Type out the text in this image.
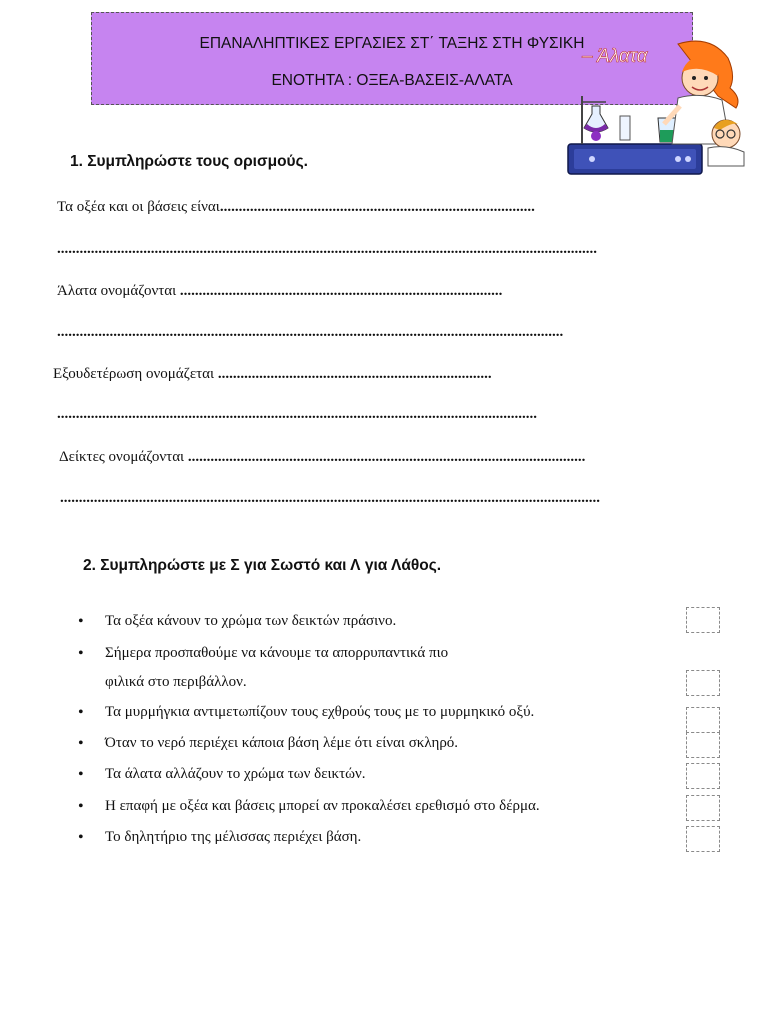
ΕΠΑΝΑΛΗΠΤΙΚΕΣ ΕΡΓΑΣΙΕΣ ΣΤ΄ ΤΑΞΗΣ ΣΤΗ ΦΥΣΙΚΗ
ΕΝΟΤΗΤΑ : ΟΞΕΑ-ΒΑΣΕΙΣ-ΑΛΑΤΑ
– Άλατα
1. Συμπληρώστε τους ορισμούς.
Τα οξέα και οι βάσεις είναι....................................................................................
................................................................................................................................................
Άλατα ονομάζονται ......................................................................................
.......................................................................................................................................
Εξουδετέρωση ονομάζεται .........................................................................
................................................................................................................................
Δείκτες ονομάζονται ..........................................................................................................
................................................................................................................................................
2. Συμπληρώστε με Σ για Σωστό και Λ για Λάθος.
• Τα οξέα κάνουν το χρώμα των δεικτών πράσινο.
• Σήμερα προσπαθούμε να κάνουμε τα απορρυπαντικά πιο
φιλικά στο περιβάλλον.
• Τα μυρμήγκια αντιμετωπίζουν τους εχθρούς τους με το μυρμηκικό οξύ.
• Όταν το νερό περιέχει κάποια βάση λέμε ότι είναι σκληρό.
• Τα άλατα αλλάζουν το χρώμα των δεικτών.
• Η επαφή με οξέα και βάσεις μπορεί αν προκαλέσει ερεθισμό στο δέρμα.
• Το δηλητήριο της μέλισσας περιέχει βάση.
